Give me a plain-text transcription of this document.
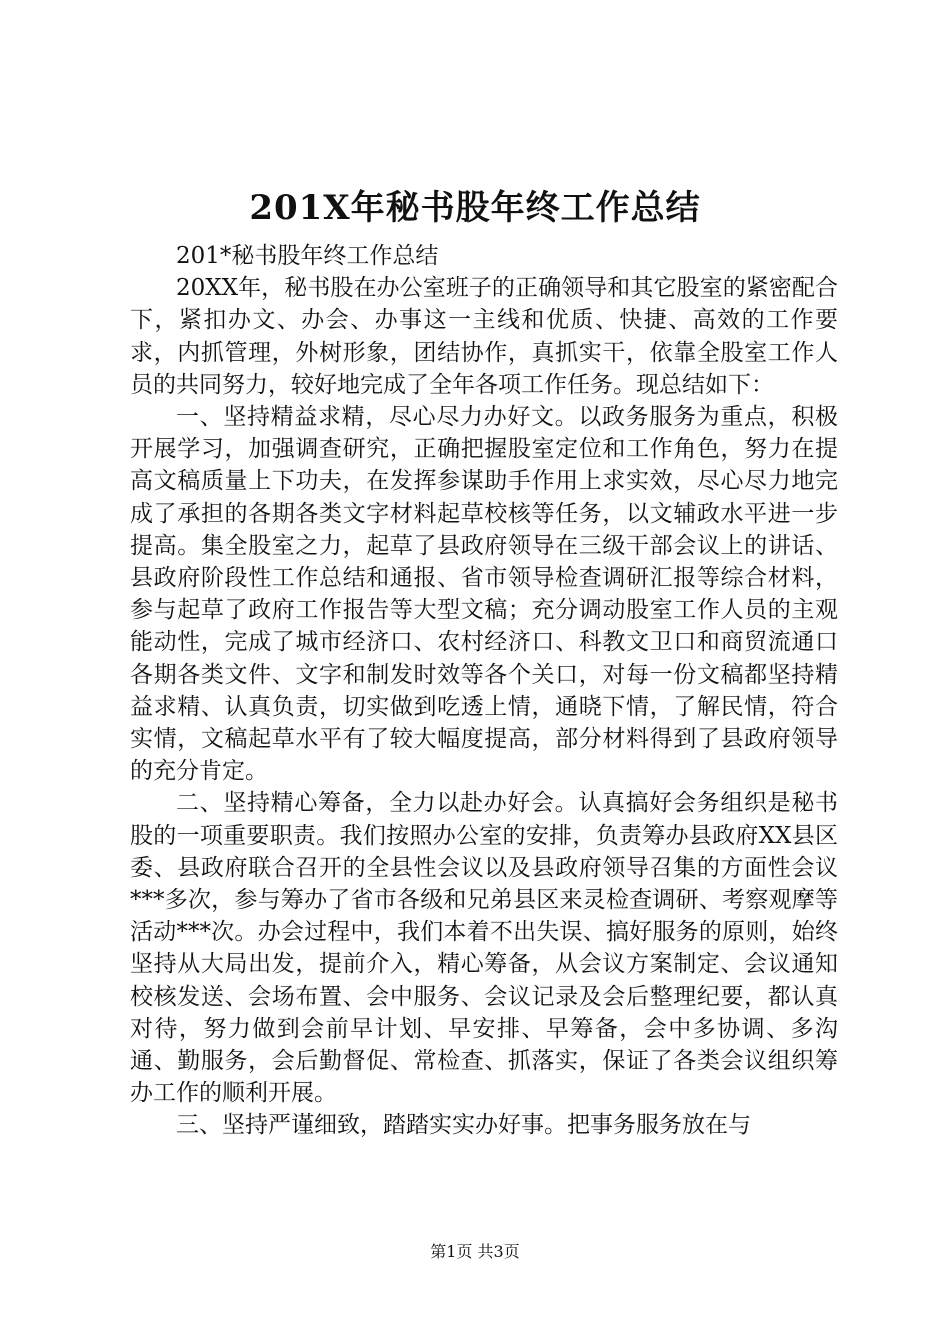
201X年秘书股年终工作总结

201*秘书股年终工作总结

20XX年，秘书股在办公室班子的正确领导和其它股室的紧密配合下，紧扣办文、办会、办事这一主线和优质、快捷、高效的工作要求，内抓管理，外树形象，团结协作，真抓实干，依靠全股室工作人员的共同努力，较好地完成了全年各项工作任务。现总结如下：

一、坚持精益求精，尽心尽力办好文。以政务服务为重点，积极开展学习，加强调查研究，正确把握股室定位和工作角色，努力在提高文稿质量上下功夫，在发挥参谋助手作用上求实效，尽心尽力地完成了承担的各期各类文字材料起草校核等任务，以文辅政水平进一步提高。集全股室之力，起草了县政府领导在三级干部会议上的讲话、县政府阶段性工作总结和通报、省市领导检查调研汇报等综合材料，参与起草了政府工作报告等大型文稿；充分调动股室工作人员的主观能动性，完成了城市经济口、农村经济口、科教文卫口和商贸流通口各期各类文件、文字和制发时效等各个关口，对每一份文稿都坚持精益求精、认真负责，切实做到吃透上情，通晓下情，了解民情，符合实情，文稿起草水平有了较大幅度提高，部分材料得到了县政府领导的充分肯定。

二、坚持精心筹备，全力以赴办好会。认真搞好会务组织是秘书股的一项重要职责。我们按照办公室的安排，负责筹办县政府XX县区委、县政府联合召开的全县性会议以及县政府领导召集的方面性会议***多次，参与筹办了省市各级和兄弟县区来灵检查调研、考察观摩等活动***次。办会过程中，我们本着不出失误、搞好服务的原则，始终坚持从大局出发，提前介入，精心筹备，从会议方案制定、会议通知校核发送、会场布置、会中服务、会议记录及会后整理纪要，都认真对待，努力做到会前早计划、早安排、早筹备，会中多协调、多沟通、勤服务，会后勤督促、常检查、抓落实，保证了各类会议组织筹办工作的顺利开展。

三、坚持严谨细致，踏踏实实办好事。把事务服务放在与

第1页 共3页
